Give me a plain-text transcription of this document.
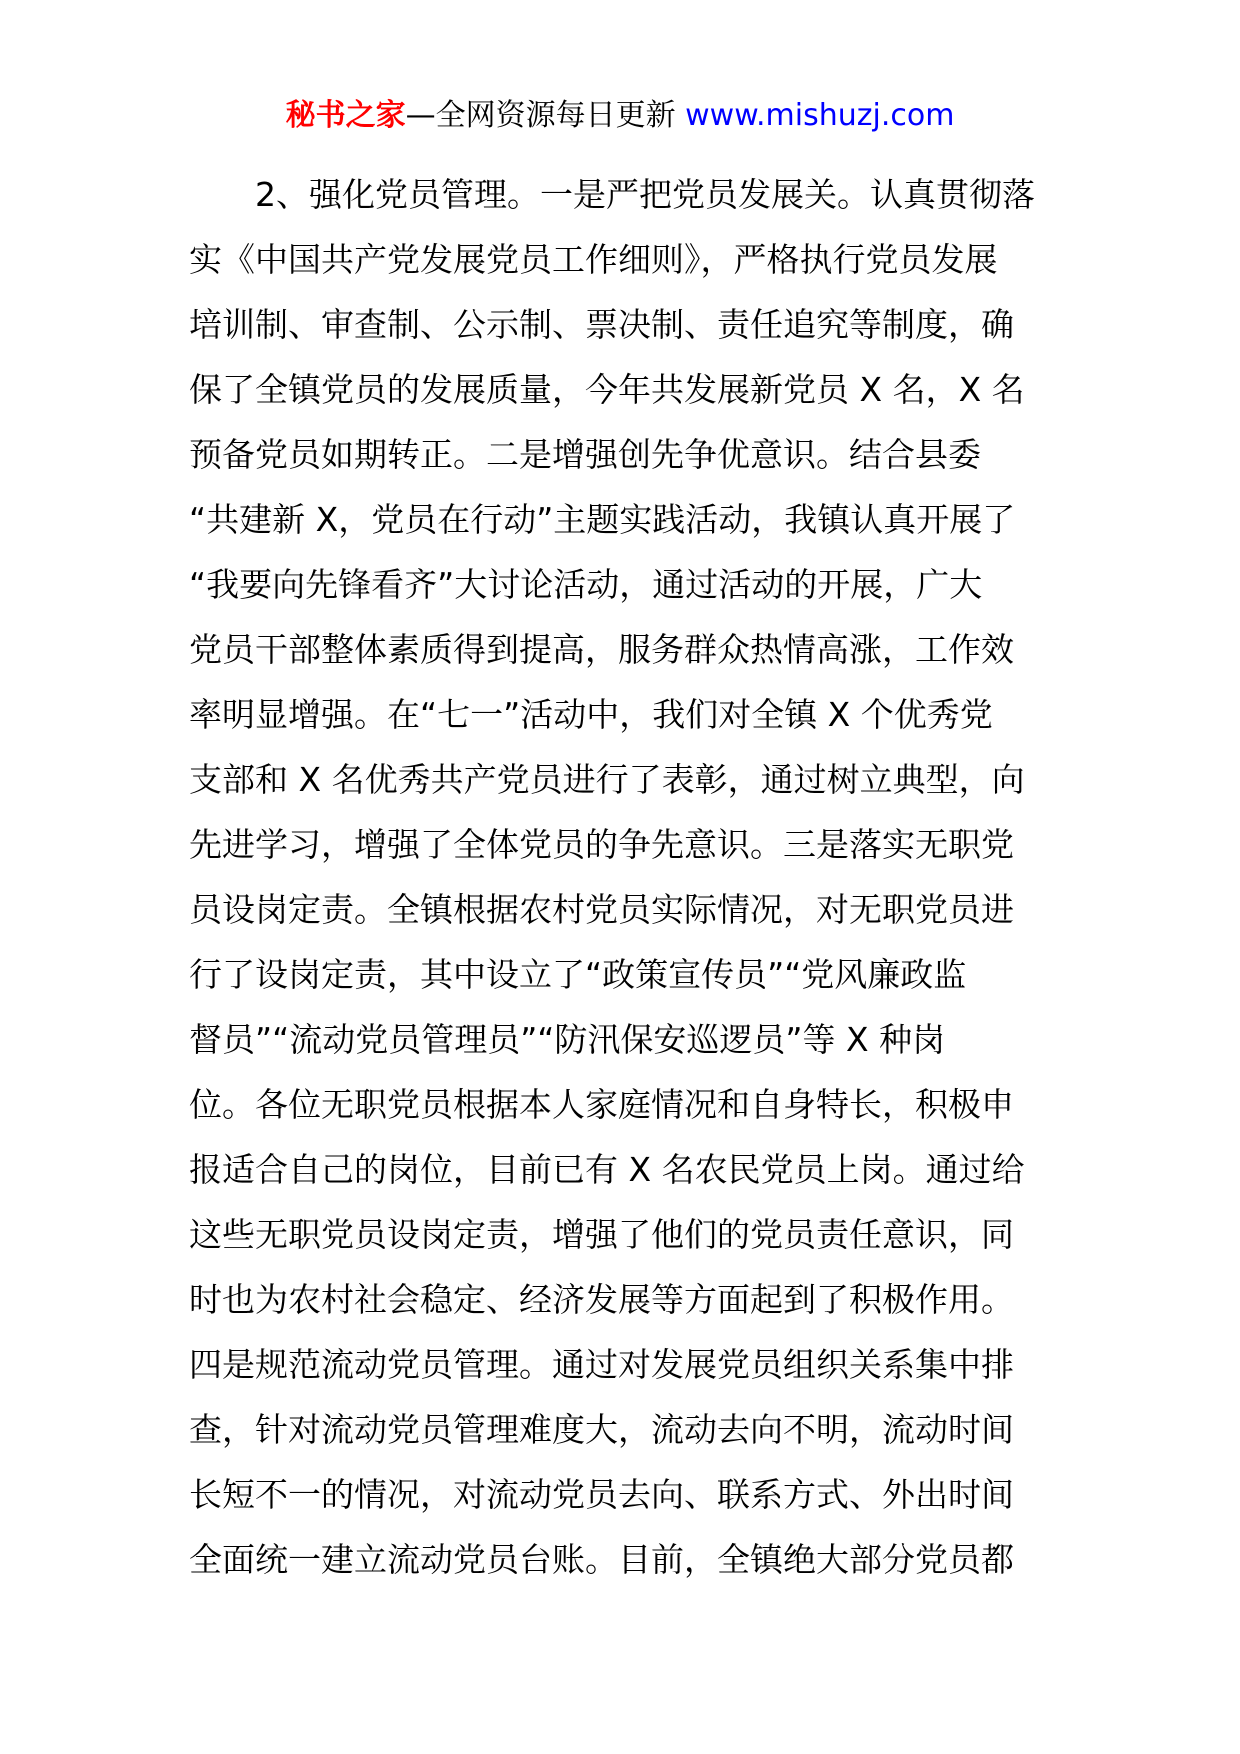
秘书之家—全网资源每日更新 www.mishuzj.com
2、强化党员管理。一是严把党员发展关。认真贯彻落
实《中国共产党发展党员工作细则》，严格执行党员发展
培训制、审查制、公示制、票决制、责任追究等制度，确
保了全镇党员的发展质量，今年共发展新党员 X 名，X 名
预备党员如期转正。二是增强创先争优意识。结合县委
“共建新 X，党员在行动”主题实践活动，我镇认真开展了
“我要向先锋看齐”大讨论活动，通过活动的开展，广大
党员干部整体素质得到提高，服务群众热情高涨，工作效
率明显增强。在“七一”活动中，我们对全镇 X 个优秀党
支部和 X 名优秀共产党员进行了表彰，通过树立典型，向
先进学习，增强了全体党员的争先意识。三是落实无职党
员设岗定责。全镇根据农村党员实际情况，对无职党员进
行了设岗定责，其中设立了“政策宣传员”“党风廉政监
督员”“流动党员管理员”“防汛保安巡逻员”等 X 种岗
位。各位无职党员根据本人家庭情况和自身特长，积极申
报适合自己的岗位，目前已有 X 名农民党员上岗。通过给
这些无职党员设岗定责，增强了他们的党员责任意识，同
时也为农村社会稳定、经济发展等方面起到了积极作用。
四是规范流动党员管理。通过对发展党员组织关系集中排
查，针对流动党员管理难度大，流动去向不明，流动时间
长短不一的情况，对流动党员去向、联系方式、外出时间
全面统一建立流动党员台账。目前，全镇绝大部分党员都
